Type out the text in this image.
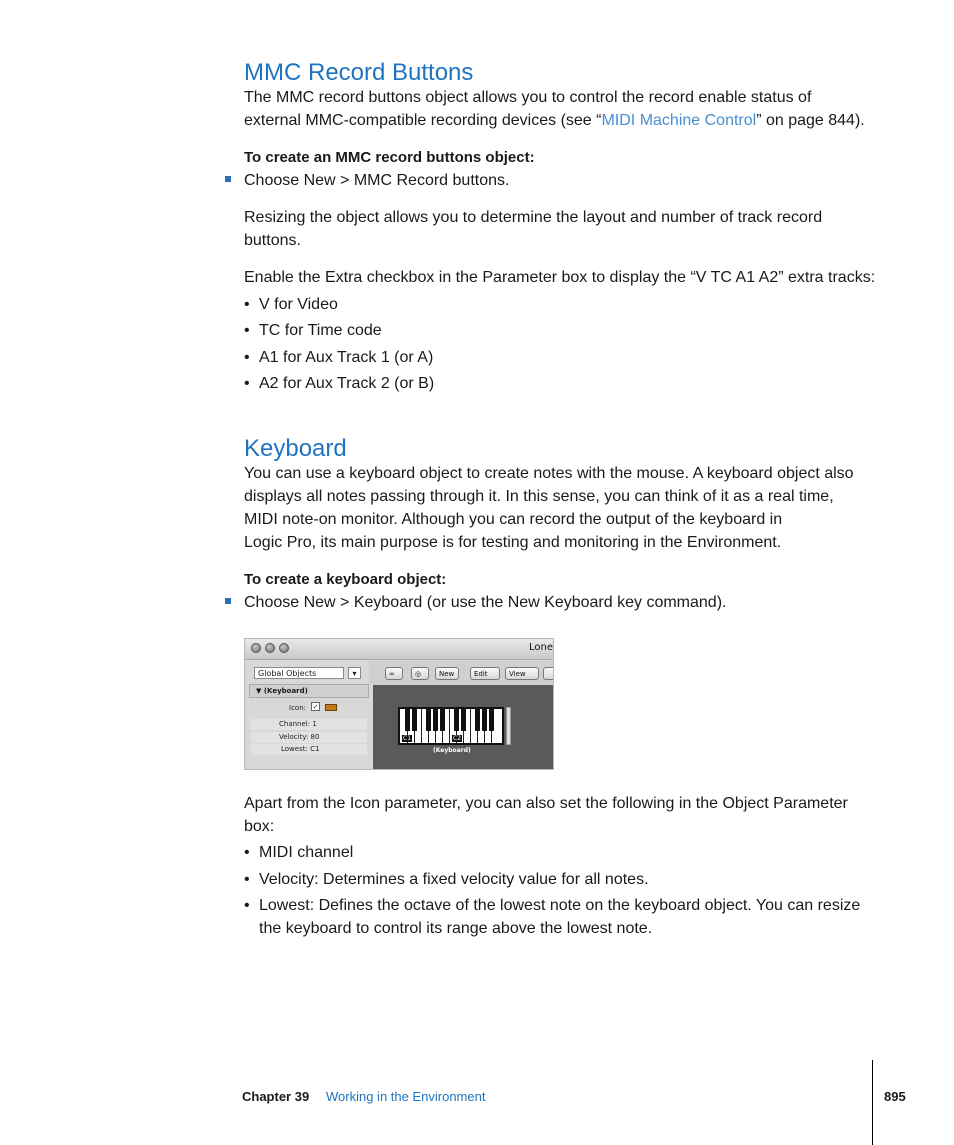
MMC Record Buttons

The MMC record buttons object allows you to control the record enable status of

external MMC-compatible recording devices (see “MIDI Machine Control” on page 844).

To create an MMC record buttons object:

Choose New > MMC Record buttons.

Resizing the object allows you to determine the layout and number of track record

buttons.

Enable the Extra checkbox in the Parameter box to display the “V TC A1 A2” extra tracks:

• V for Video

• TC for Time code

• A1 for Aux Track 1 (or A)

• A2 for Aux Track 2 (or B)

Keyboard

You can use a keyboard object to create notes with the mouse. A keyboard object also

displays all notes passing through it. In this sense, you can think of it as a real time,

MIDI note-on monitor. Although you can record the output of the keyboard in

Logic Pro, its main purpose is for testing and monitoring in the Environment.

To create a keyboard object:

Choose New > Keyboard (or use the New Keyboard key command).

Lone
Global Objects	▾
▼ (Keyboard)
Icon: ✓
Channel: 1
Velocity: 80
Lowest: C1
∞	◎	New	Edit	View
C1	C2
(Keyboard)

Apart from the Icon parameter, you can also set the following in the Object Parameter

box:

• MIDI channel

• Velocity: Determines a fixed velocity value for all notes.

• Lowest: Defines the octave of the lowest note on the keyboard object. You can resize

the keyboard to control its range above the lowest note.

Chapter 39 Working in the Environment	895
